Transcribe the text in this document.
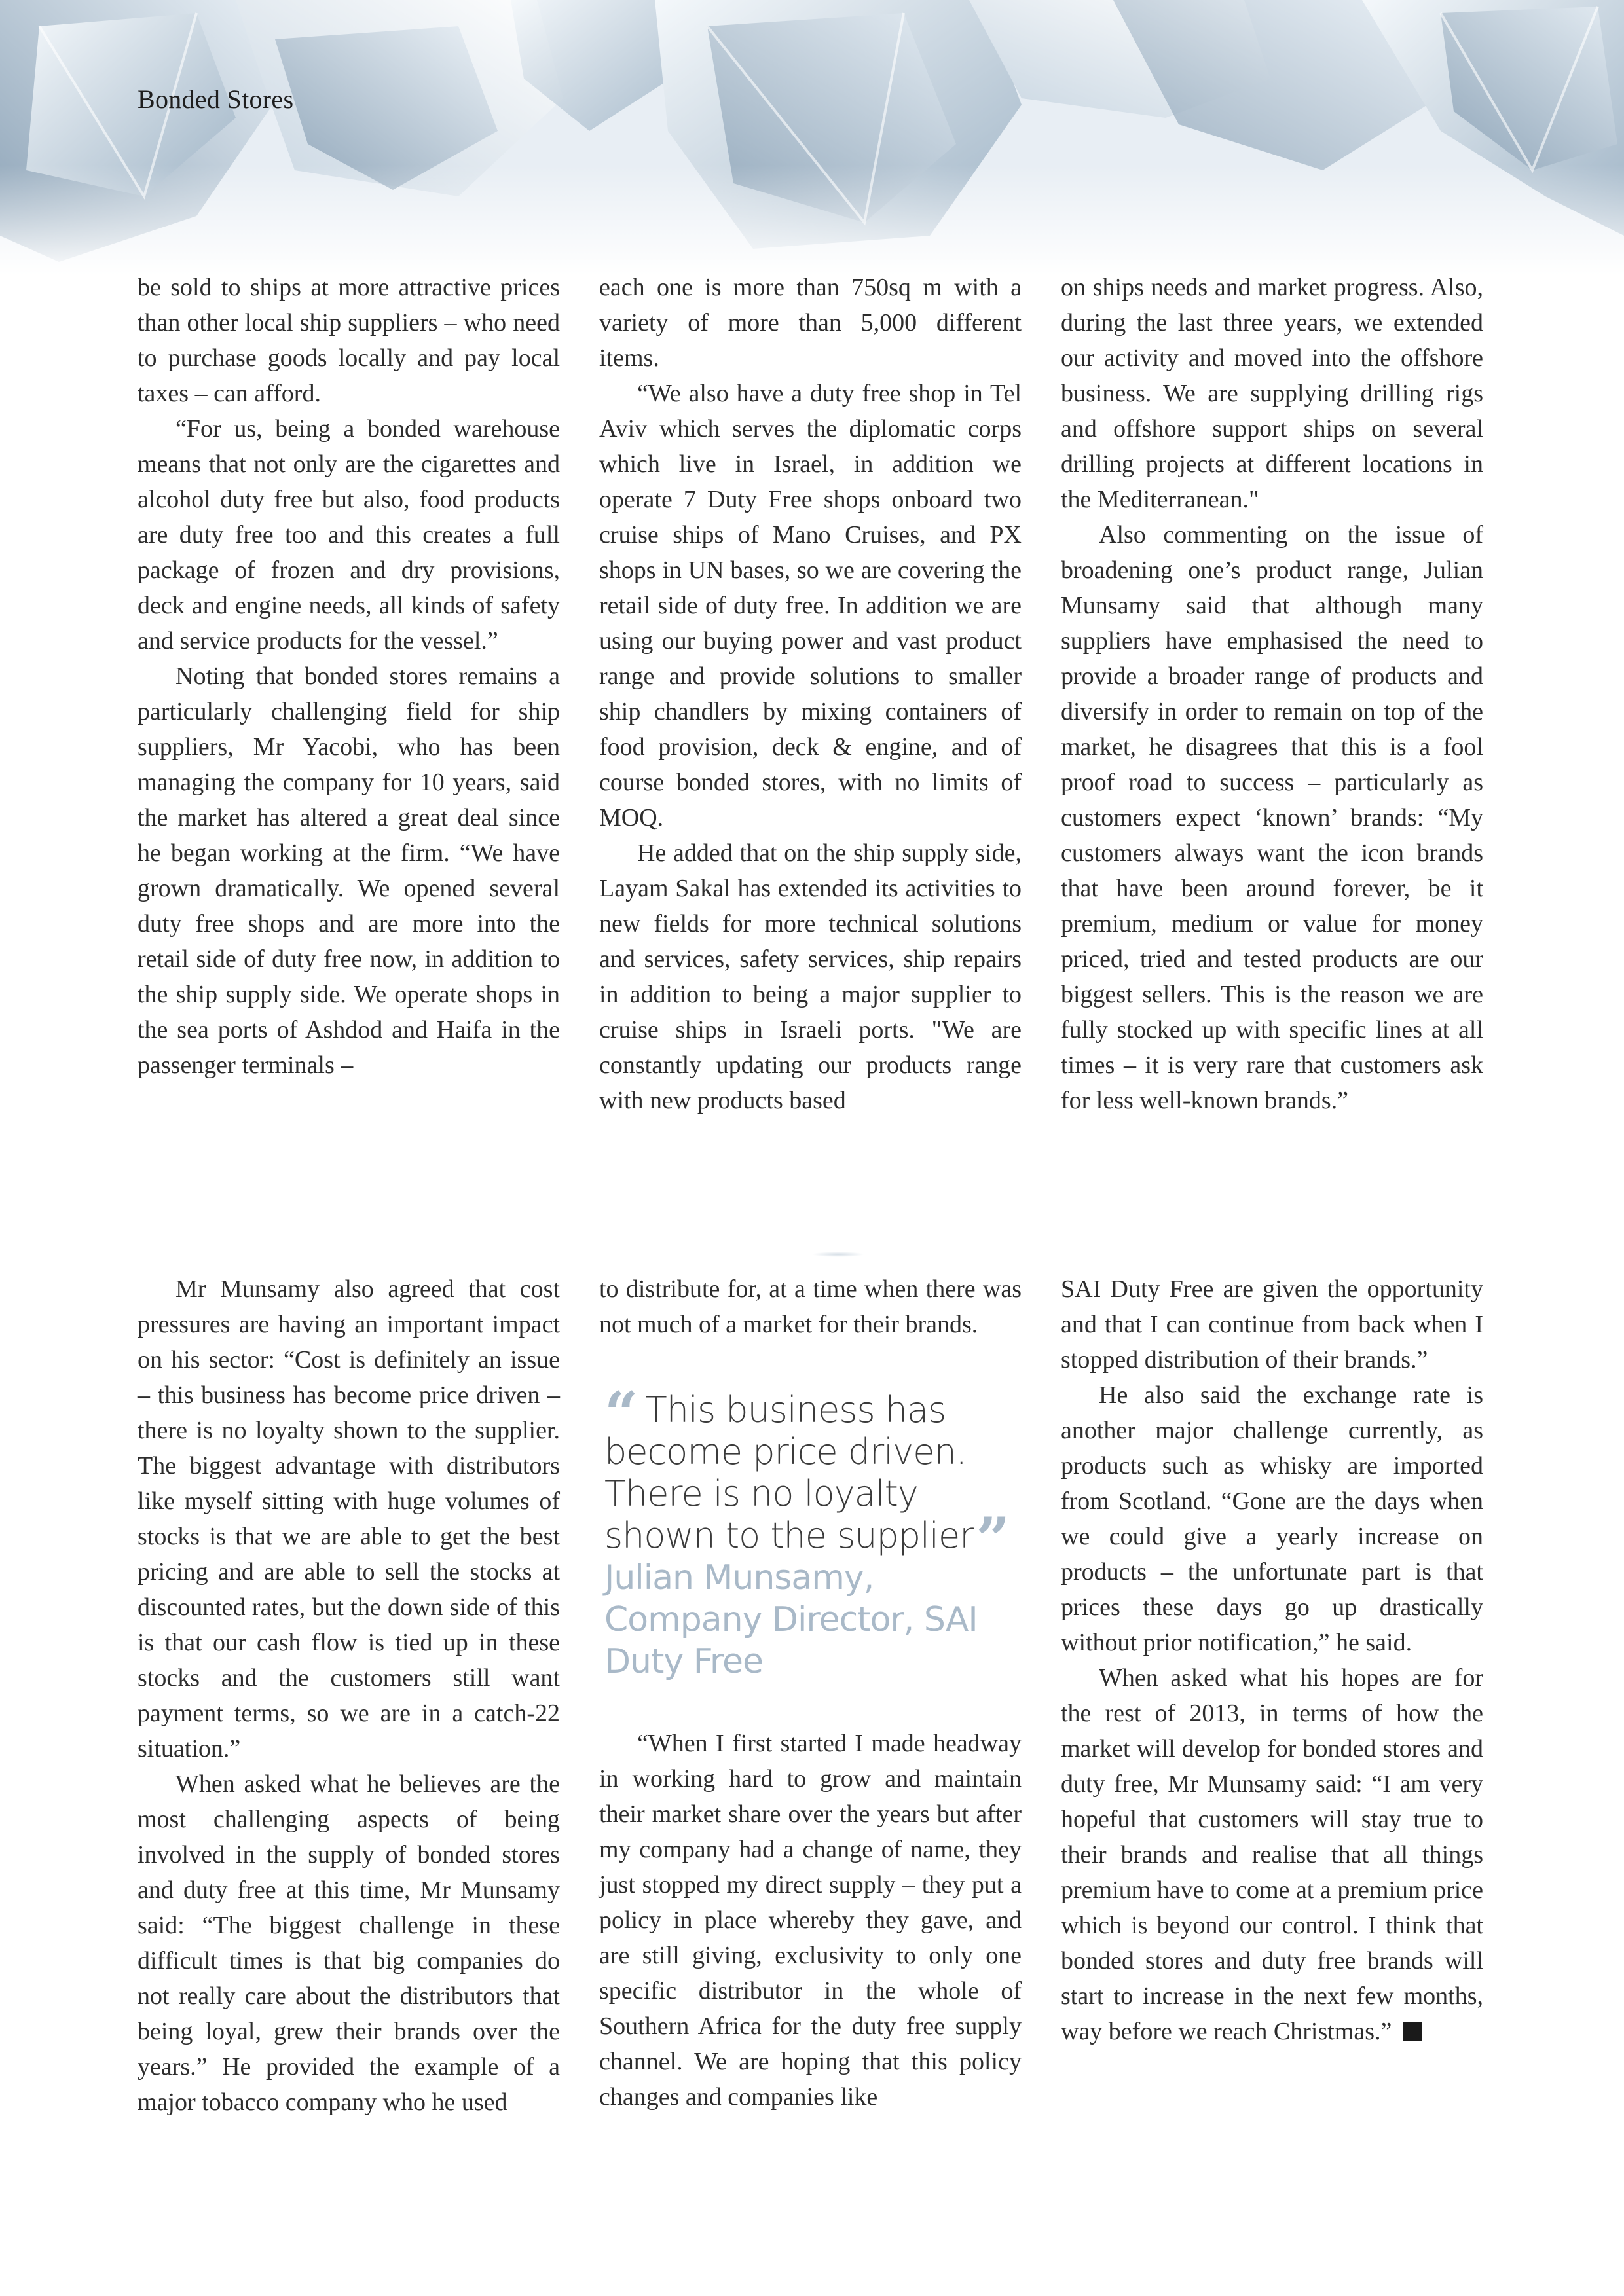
Bonded Stores

be sold to ships at more attractive prices than other local ship suppliers – who need to purchase goods locally and pay local taxes – can afford.

“For us, being a bonded warehouse means that not only are the cigarettes and alcohol duty free but also, food products are duty free too and this creates a full package of frozen and dry provisions, deck and engine needs, all kinds of safety and service products for the vessel.”

Noting that bonded stores remains a particularly challenging field for ship suppliers, Mr Yacobi, who has been managing the company for 10 years, said the market has altered a great deal since he began working at the firm. “We have grown dramatically. We opened several duty free shops and are more into the retail side of duty free now, in addition to the ship supply side. We operate shops in the sea ports of Ashdod and Haifa in the passenger terminals –

each one is more than 750sq m with a variety of more than 5,000 different items.

“We also have a duty free shop in Tel Aviv which serves the diplomatic corps which live in Israel, in addition we operate 7 Duty Free shops onboard two cruise ships of Mano Cruises, and PX shops in UN bases, so we are covering the retail side of duty free. In addition we are using our buying power and vast product range and provide solutions to smaller ship chandlers by mixing containers of food provision, deck & engine, and of course bonded stores, with no limits of MOQ.

He added that on the ship supply side, Layam Sakal has extended its activities to new fields for more technical solutions and services, safety services, ship repairs in addition to being a major supplier to cruise ships in Israeli ports. "We are constantly updating our products range with new products based

on ships needs and market progress. Also, during the last three years, we extended our activity and moved into the offshore business. We are supplying drilling rigs and offshore support ships on several drilling projects at different locations in the Mediterranean."

Also commenting on the issue of broadening one’s product range, Julian Munsamy said that although many suppliers have emphasised the need to provide a broader range of products and diversify in order to remain on top of the market, he disagrees that this is a fool proof road to success – particularly as customers expect ‘known’ brands: “My customers always want the icon brands that have been around forever, be it premium, medium or value for money priced, tried and tested products are our biggest sellers. This is the reason we are fully stocked up with specific lines at all times – it is very rare that customers ask for less well-known brands.”

Mr Munsamy also agreed that cost pressures are having an important impact on his sector: “Cost is definitely an issue – this business has become price driven – there is no loyalty shown to the supplier. The biggest advantage with distributors like myself sitting with huge volumes of stocks is that we are able to get the best pricing and are able to sell the stocks at discounted rates, but the down side of this is that our cash flow is tied up in these stocks and the customers still want payment terms, so we are in a catch-22 situation.”

When asked what he believes are the most challenging aspects of being involved in the supply of bonded stores and duty free at this time, Mr Munsamy said: “The biggest challenge in these difficult times is that big companies do not really care about the distributors that being loyal, grew their brands over the years.” He provided the example of a major tobacco company who he used

to distribute for, at a time when there was not much of a market for their brands.

“ This business has become price driven. There is no loyalty shown to the supplier”
Julian Munsamy, Company Director, SAI Duty Free

“When I first started I made headway in working hard to grow and maintain their market share over the years but after my company had a change of name, they just stopped my direct supply – they put a policy in place whereby they gave, and are still giving, exclusivity to only one specific distributor in the whole of Southern Africa for the duty free supply channel. We are hoping that this policy changes and companies like

SAI Duty Free are given the opportunity and that I can continue from back when I stopped distribution of their brands.”

He also said the exchange rate is another major challenge currently, as products such as whisky are imported from Scotland. “Gone are the days when we could give a yearly increase on products – the unfortunate part is that prices these days go up drastically without prior notification,” he said.

When asked what his hopes are for the rest of 2013, in terms of how the market will develop for bonded stores and duty free, Mr Munsamy said: “I am very hopeful that customers will stay true to their brands and realise that all things premium have to come at a premium price which is beyond our control. I think that bonded stores and duty free brands will start to increase in the next few months, way before we reach Christmas.”
